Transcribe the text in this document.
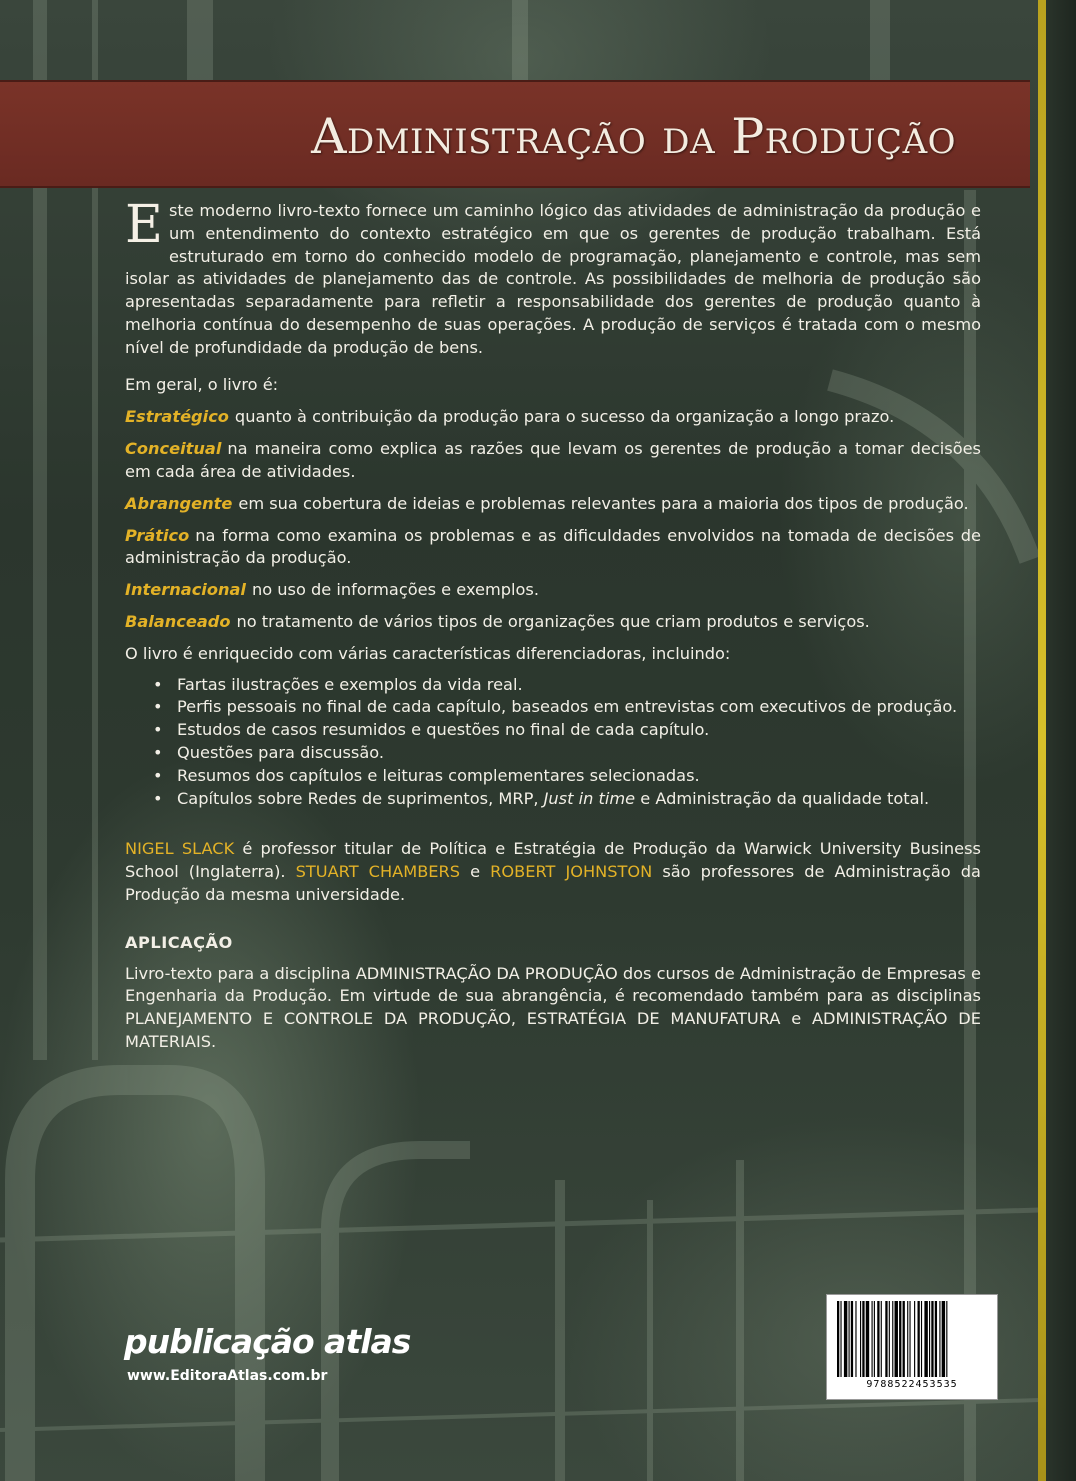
Administração da Produção

Este moderno livro-texto fornece um caminho lógico das atividades de administração da produção e um entendimento do contexto estratégico em que os gerentes de produção trabalham. Está estruturado em torno do conhecido modelo de programação, planejamento e controle, mas sem isolar as atividades de planejamento das de controle. As possibilidades de melhoria de produção são apresentadas separadamente para refletir a responsabilidade dos gerentes de produção quanto à melhoria contínua do desempenho de suas operações. A produção de serviços é tratada com o mesmo nível de profundidade da produção de bens.

Em geral, o livro é:

Estratégico quanto à contribuição da produção para o sucesso da organização a longo prazo.

Conceitual na maneira como explica as razões que levam os gerentes de produção a tomar decisões em cada área de atividades.

Abrangente em sua cobertura de ideias e problemas relevantes para a maioria dos tipos de produção.

Prático na forma como examina os problemas e as dificuldades envolvidos na tomada de decisões de administração da produção.

Internacional no uso de informações e exemplos.

Balanceado no tratamento de vários tipos de organizações que criam produtos e serviços.

O livro é enriquecido com várias características diferenciadoras, incluindo:

• Fartas ilustrações e exemplos da vida real.
• Perfis pessoais no final de cada capítulo, baseados em entrevistas com executivos de produção.
• Estudos de casos resumidos e questões no final de cada capítulo.
• Questões para discussão.
• Resumos dos capítulos e leituras complementares selecionadas.
• Capítulos sobre Redes de suprimentos, MRP, Just in time e Administração da qualidade total.

NIGEL SLACK é professor titular de Política e Estratégia de Produção da Warwick University Business School (Inglaterra). STUART CHAMBERS e ROBERT JOHNSTON são professores de Administração da Produção da mesma universidade.

APLICAÇÃO

Livro-texto para a disciplina ADMINISTRAÇÃO DA PRODUÇÃO dos cursos de Administração de Empresas e Engenharia da Produção. Em virtude de sua abrangência, é recomendado também para as disciplinas PLANEJAMENTO E CONTROLE DA PRODUÇÃO, ESTRATÉGIA DE MANUFATURA e ADMINISTRAÇÃO DE MATERIAIS.

publicação atlas
www.EditoraAtlas.com.br
9788522453535
